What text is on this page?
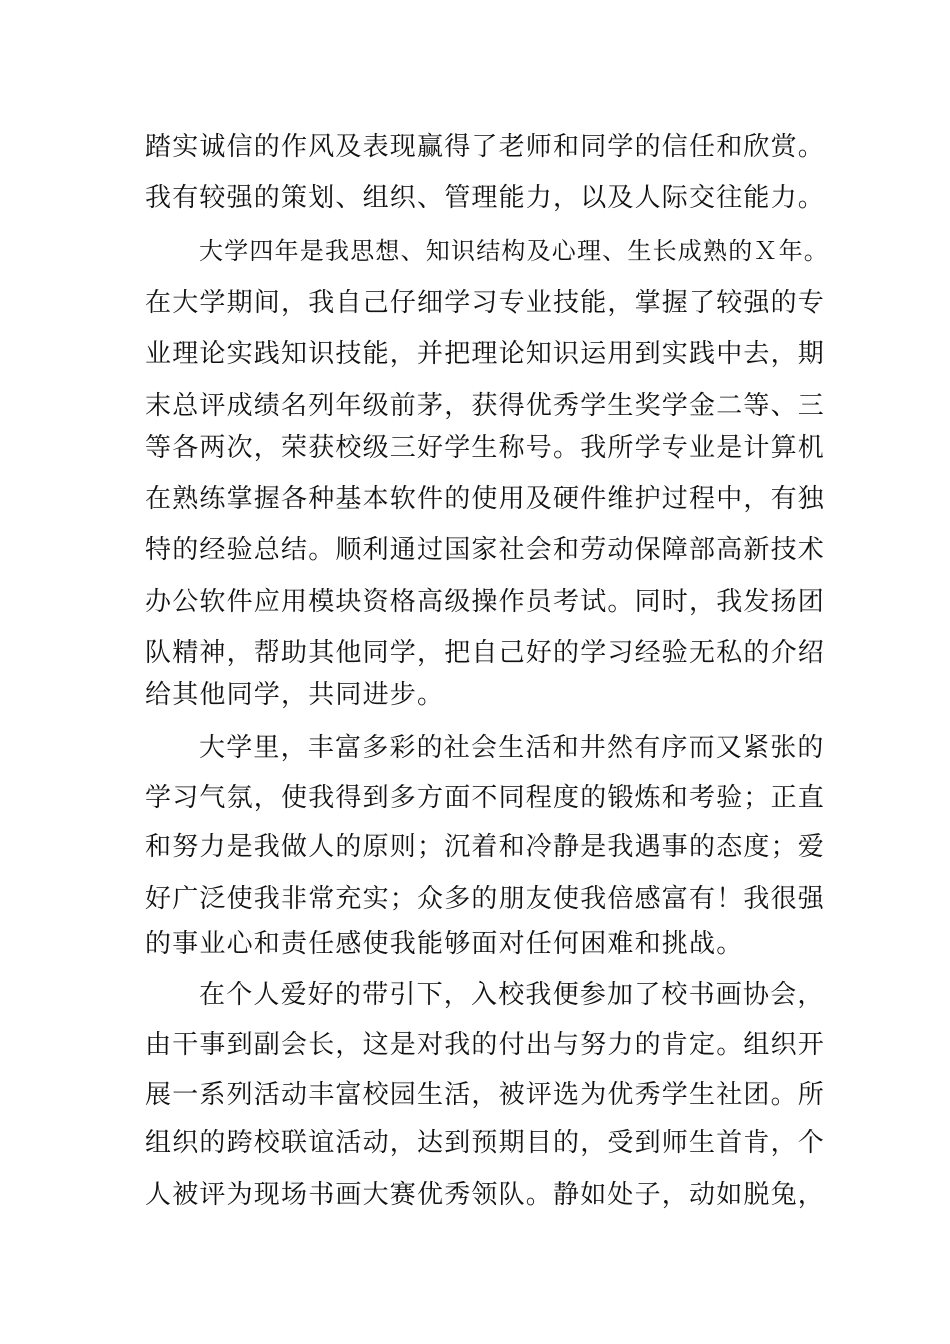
踏实诚信的作风及表现赢得了老师和同学的信任和欣赏。
我有较强的策划、组织、管理能力，以及人际交往能力。
大学四年是我思想、知识结构及心理、生长成熟的Ｘ年。
在大学期间，我自己仔细学习专业技能，掌握了较强的专
业理论实践知识技能，并把理论知识运用到实践中去，期
末总评成绩名列年级前茅，获得优秀学生奖学金二等、三
等各两次，荣获校级三好学生称号。我所学专业是计算机
在熟练掌握各种基本软件的使用及硬件维护过程中，有独
特的经验总结。顺利通过国家社会和劳动保障部高新技术
办公软件应用模块资格高级操作员考试。同时，我发扬团
队精神，帮助其他同学，把自己好的学习经验无私的介绍
给其他同学，共同进步。
大学里，丰富多彩的社会生活和井然有序而又紧张的
学习气氛，使我得到多方面不同程度的锻炼和考验；正直
和努力是我做人的原则；沉着和冷静是我遇事的态度；爱
好广泛使我非常充实；众多的朋友使我倍感富有！我很强
的事业心和责任感使我能够面对任何困难和挑战。
在个人爱好的带引下，入校我便参加了校书画协会，
由干事到副会长，这是对我的付出与努力的肯定。组织开
展一系列活动丰富校园生活，被评选为优秀学生社团。所
组织的跨校联谊活动，达到预期目的，受到师生首肯，个
人被评为现场书画大赛优秀领队。静如处子，动如脱兔，
